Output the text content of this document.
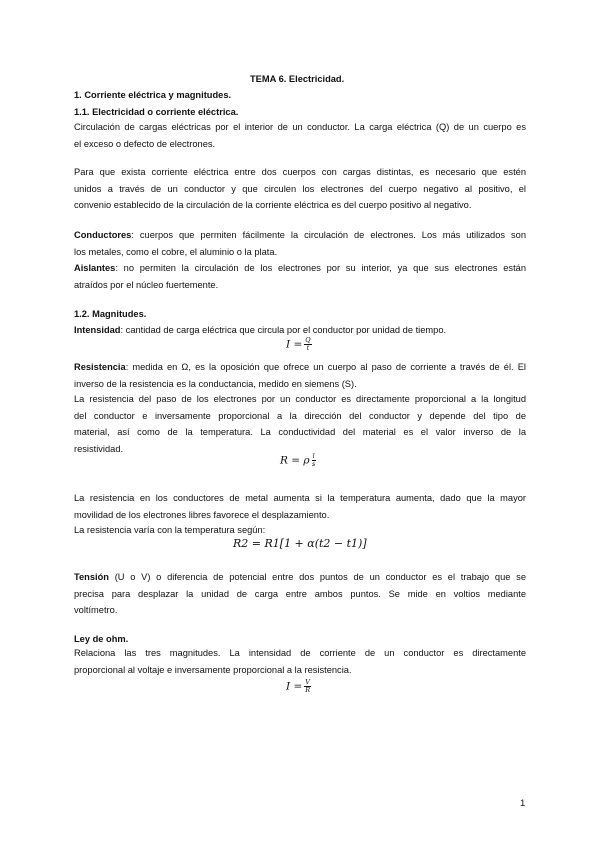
TEMA 6. Electricidad.
1. Corriente eléctrica y magnitudes.
1.1. Electricidad o corriente eléctrica.
Circulación de cargas eléctricas por el interior de un conductor. La carga eléctrica (Q) de un cuerpo es
el exceso o defecto de electrones.
Para que exista corriente eléctrica entre dos cuerpos con cargas distintas, es necesario que estén
unidos a través de un conductor y que circulen los electrones del cuerpo negativo al positivo, el
convenio establecido de la circulación de la corriente eléctrica es del cuerpo positivo al negativo.
Conductores: cuerpos que permiten fácilmente la circulación de electrones. Los más utilizados son
los metales, como el cobre, el aluminio o la plata.
Aislantes: no permiten la circulación de los electrones por su interior, ya que sus electrones están
atraídos por el núcleo fuertemente.
1.2. Magnitudes.
Intensidad: cantidad de carga eléctrica que circula por el conductor por unidad de tiempo.
$I = \frac{Q}{t}$
Resistencia: medida en Ω, es la oposición que ofrece un cuerpo al paso de corriente a través de él. El
inverso de la resistencia es la conductancia, medido en siemens (S).
La resistencia del paso de los electrones por un conductor es directamente proporcional a la longitud
del conductor e inversamente proporcional a la dirección del conductor y depende del tipo de
material, así como de la temperatura. La conductividad del material es el valor inverso de la
resistividad.
R = ρ $\frac{l}{s}$
La resistencia en los conductores de metal aumenta si la temperatura aumenta, dado que la mayor
movilidad de los electrones libres favorece el desplazamiento.
La resistencia varía con la temperatura según:
R2 = R1[1 + α(t2 − t1)]
Tensión (U o V) o diferencia de potencial entre dos puntos de un conductor es el trabajo que se
precisa para desplazar la unidad de carga entre ambos puntos. Se mide en voltios mediante
voltímetro.
Ley de ohm.
Relaciona las tres magnitudes. La intensidad de corriente de un conductor es directamente
proporcional al voltaje e inversamente proporcional a la resistencia.
$I = \frac{V}{R}$
1
